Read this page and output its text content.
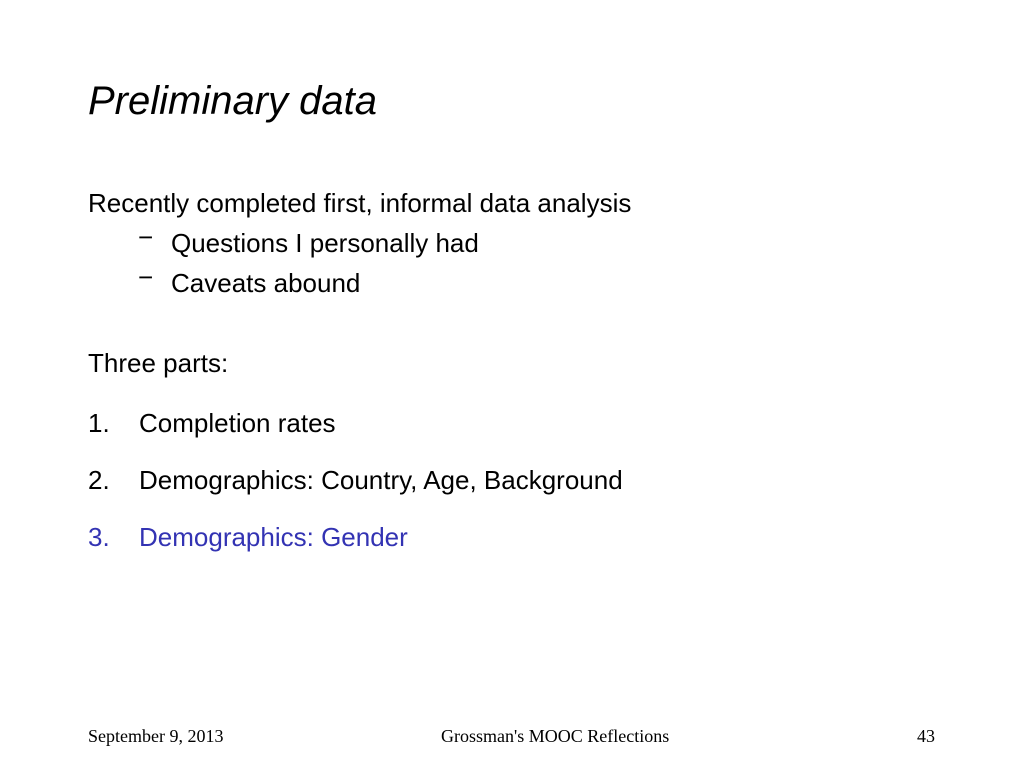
Preliminary data
Recently completed first, informal data analysis
− Questions I personally had
− Caveats abound
Three parts:
1. Completion rates
2. Demographics: Country, Age, Background
3. Demographics: Gender
September 9, 2013	Grossman's MOOC Reflections	43
